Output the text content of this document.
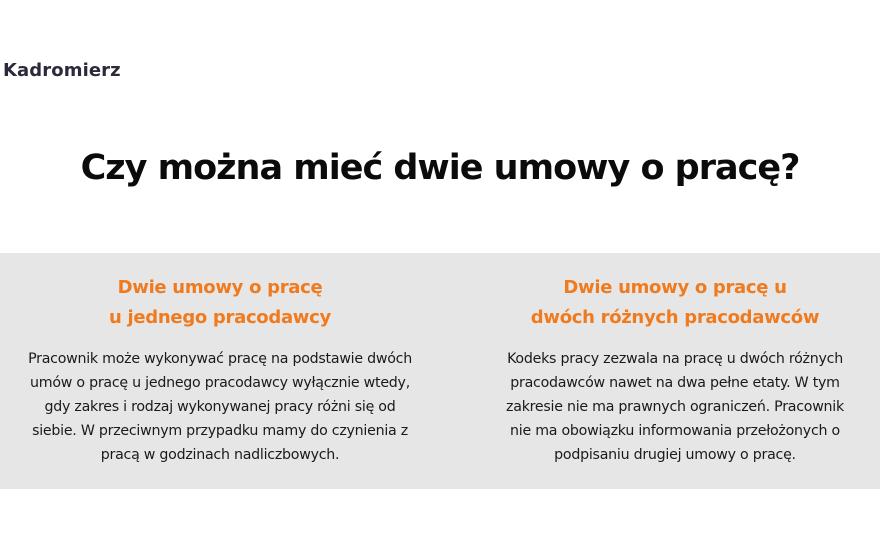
Kadromierz
Czy można mieć dwie umowy o pracę?
Dwie umowy o pracę
u jednego pracodawcy
Pracownik może wykonywać pracę na podstawie dwóch
umów o pracę u jednego pracodawcy wyłącznie wtedy,
gdy zakres i rodzaj wykonywanej pracy różni się od
siebie. W przeciwnym przypadku mamy do czynienia z
pracą w godzinach nadliczbowych.
Dwie umowy o pracę u
dwóch różnych pracodawców
Kodeks pracy zezwala na pracę u dwóch różnych
pracodawców nawet na dwa pełne etaty. W tym
zakresie nie ma prawnych ograniczeń. Pracownik
nie ma obowiązku informowania przełożonych o
podpisaniu drugiej umowy o pracę.
